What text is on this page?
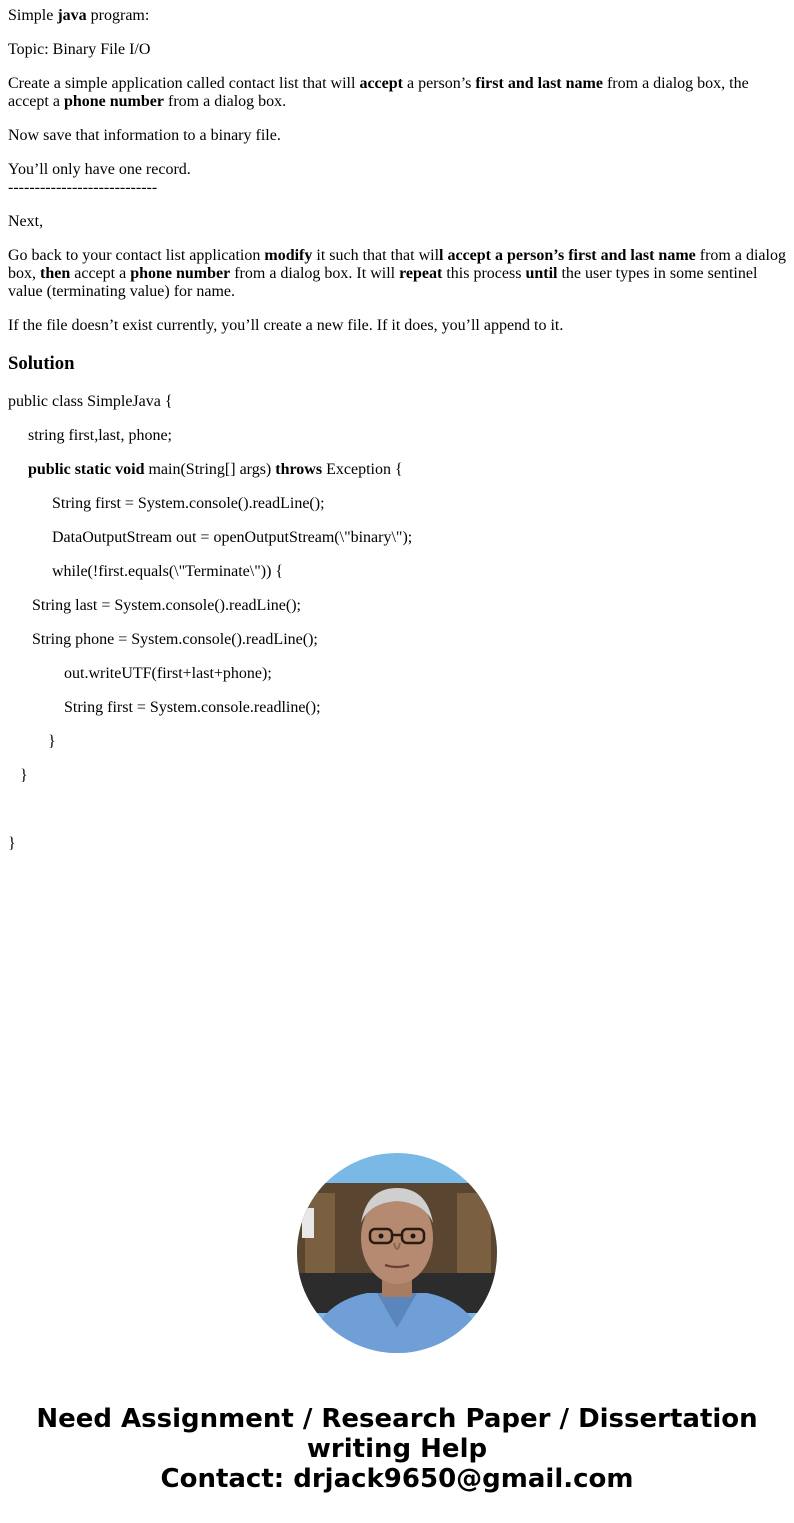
Simple java program:

Topic: Binary File I/O

Create a simple application called contact list that will accept a person’s first and last name from a dialog box, the accept a phone number from a dialog box.

Now save that information to a binary file.

You’ll only have one record.
----------------------------

Next,

Go back to your contact list application modify it such that that will accept a person’s first and last name from a dialog box, then accept a phone number from a dialog box. It will repeat this process until the user types in some sentinel value (terminating value) for name.

If the file doesn’t exist currently, you’ll create a new file. If it does, you’ll append to it.

Solution

public class SimpleJava {

string first,last, phone;

public static void main(String[] args) throws Exception {

String first = System.console().readLine();

DataOutputStream out = openOutputStream(\"binary\");

while(!first.equals(\"Terminate\")) {

String last = System.console().readLine();

String phone = System.console().readLine();

out.writeUTF(first+last+phone);

String first = System.console.readline();

}

}

}

Need Assignment / Research Paper / Dissertation
writing Help
Contact: drjack9650@gmail.com
